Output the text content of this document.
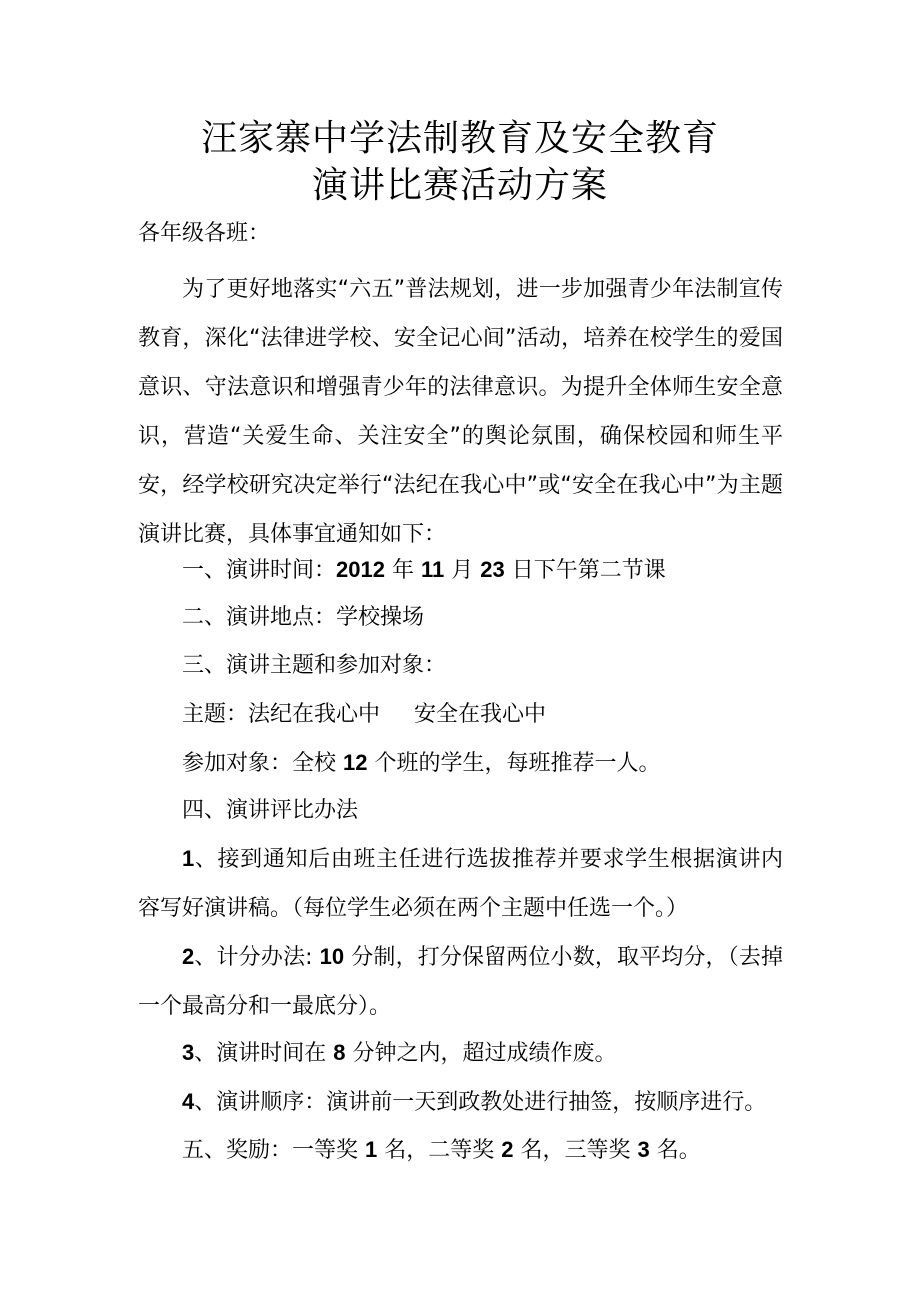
汪家寨中学法制教育及安全教育
演讲比赛活动方案
各年级各班：
为了更好地落实“六五”普法规划，进一步加强青少年法制宣传教育，深化“法律进学校、安全记心间”活动，培养在校学生的爱国意识、守法意识和增强青少年的法律意识。为提升全体师生安全意识，营造“关爱生命、关注安全”的舆论氛围，确保校园和师生平安，经学校研究决定举行“法纪在我心中”或“安全在我心中”为主题演讲比赛，具体事宜通知如下：
一、演讲时间：2012 年 11 月 23 日下午第二节课
二、演讲地点：学校操场
三、演讲主题和参加对象：
主题：法纪在我心中 安全在我心中
参加对象：全校 12 个班的学生，每班推荐一人。
四、演讲评比办法
1、接到通知后由班主任进行选拔推荐并要求学生根据演讲内容写好演讲稿。（每位学生必须在两个主题中任选一个。）
2、计分办法: 10 分制，打分保留两位小数，取平均分，（去掉一个最高分和一最底分）。
3、演讲时间在 8 分钟之内，超过成绩作废。
4、演讲顺序：演讲前一天到政教处进行抽签，按顺序进行。
五、奖励：一等奖 1 名，二等奖 2 名，三等奖 3 名。
